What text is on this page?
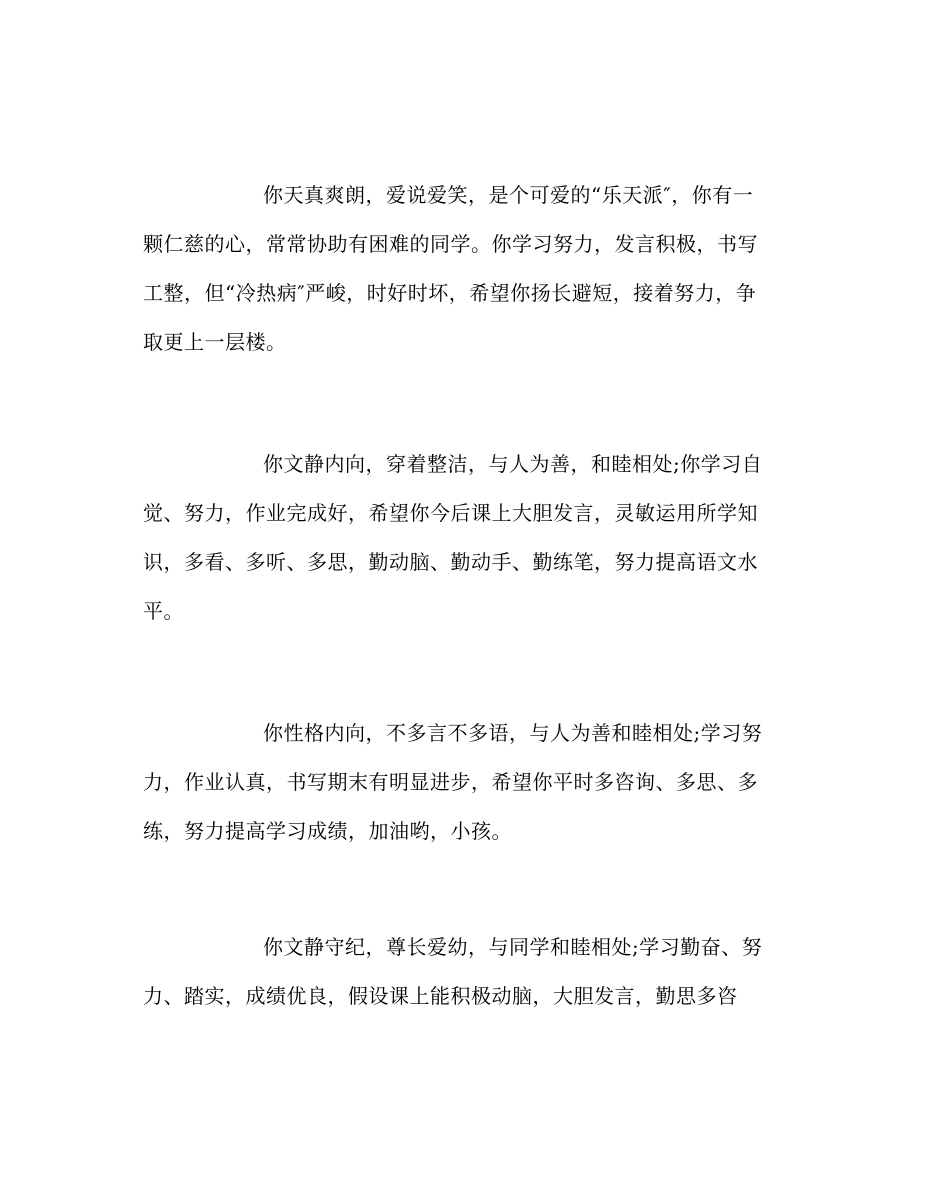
你天真爽朗，爱说爱笑，是个可爱的“乐天派″，你有一
颗仁慈的心，常常协助有困难的同学。你学习努力，发言积极，书写
工整，但“冷热病″严峻，时好时坏，希望你扬长避短，接着努力，争
取更上一层楼。
你文静内向，穿着整洁，与人为善，和睦相处;你学习自
觉、努力，作业完成好，希望你今后课上大胆发言，灵敏运用所学知
识，多看、多听、多思，勤动脑、勤动手、勤练笔，努力提高语文水
平。
你性格内向，不多言不多语，与人为善和睦相处;学习努
力，作业认真，书写期末有明显进步，希望你平时多咨询、多思、多
练，努力提高学习成绩，加油哟，小孩。
你文静守纪，尊长爱幼，与同学和睦相处;学习勤奋、努
力、踏实，成绩优良，假设课上能积极动脑，大胆发言，勤思多咨
